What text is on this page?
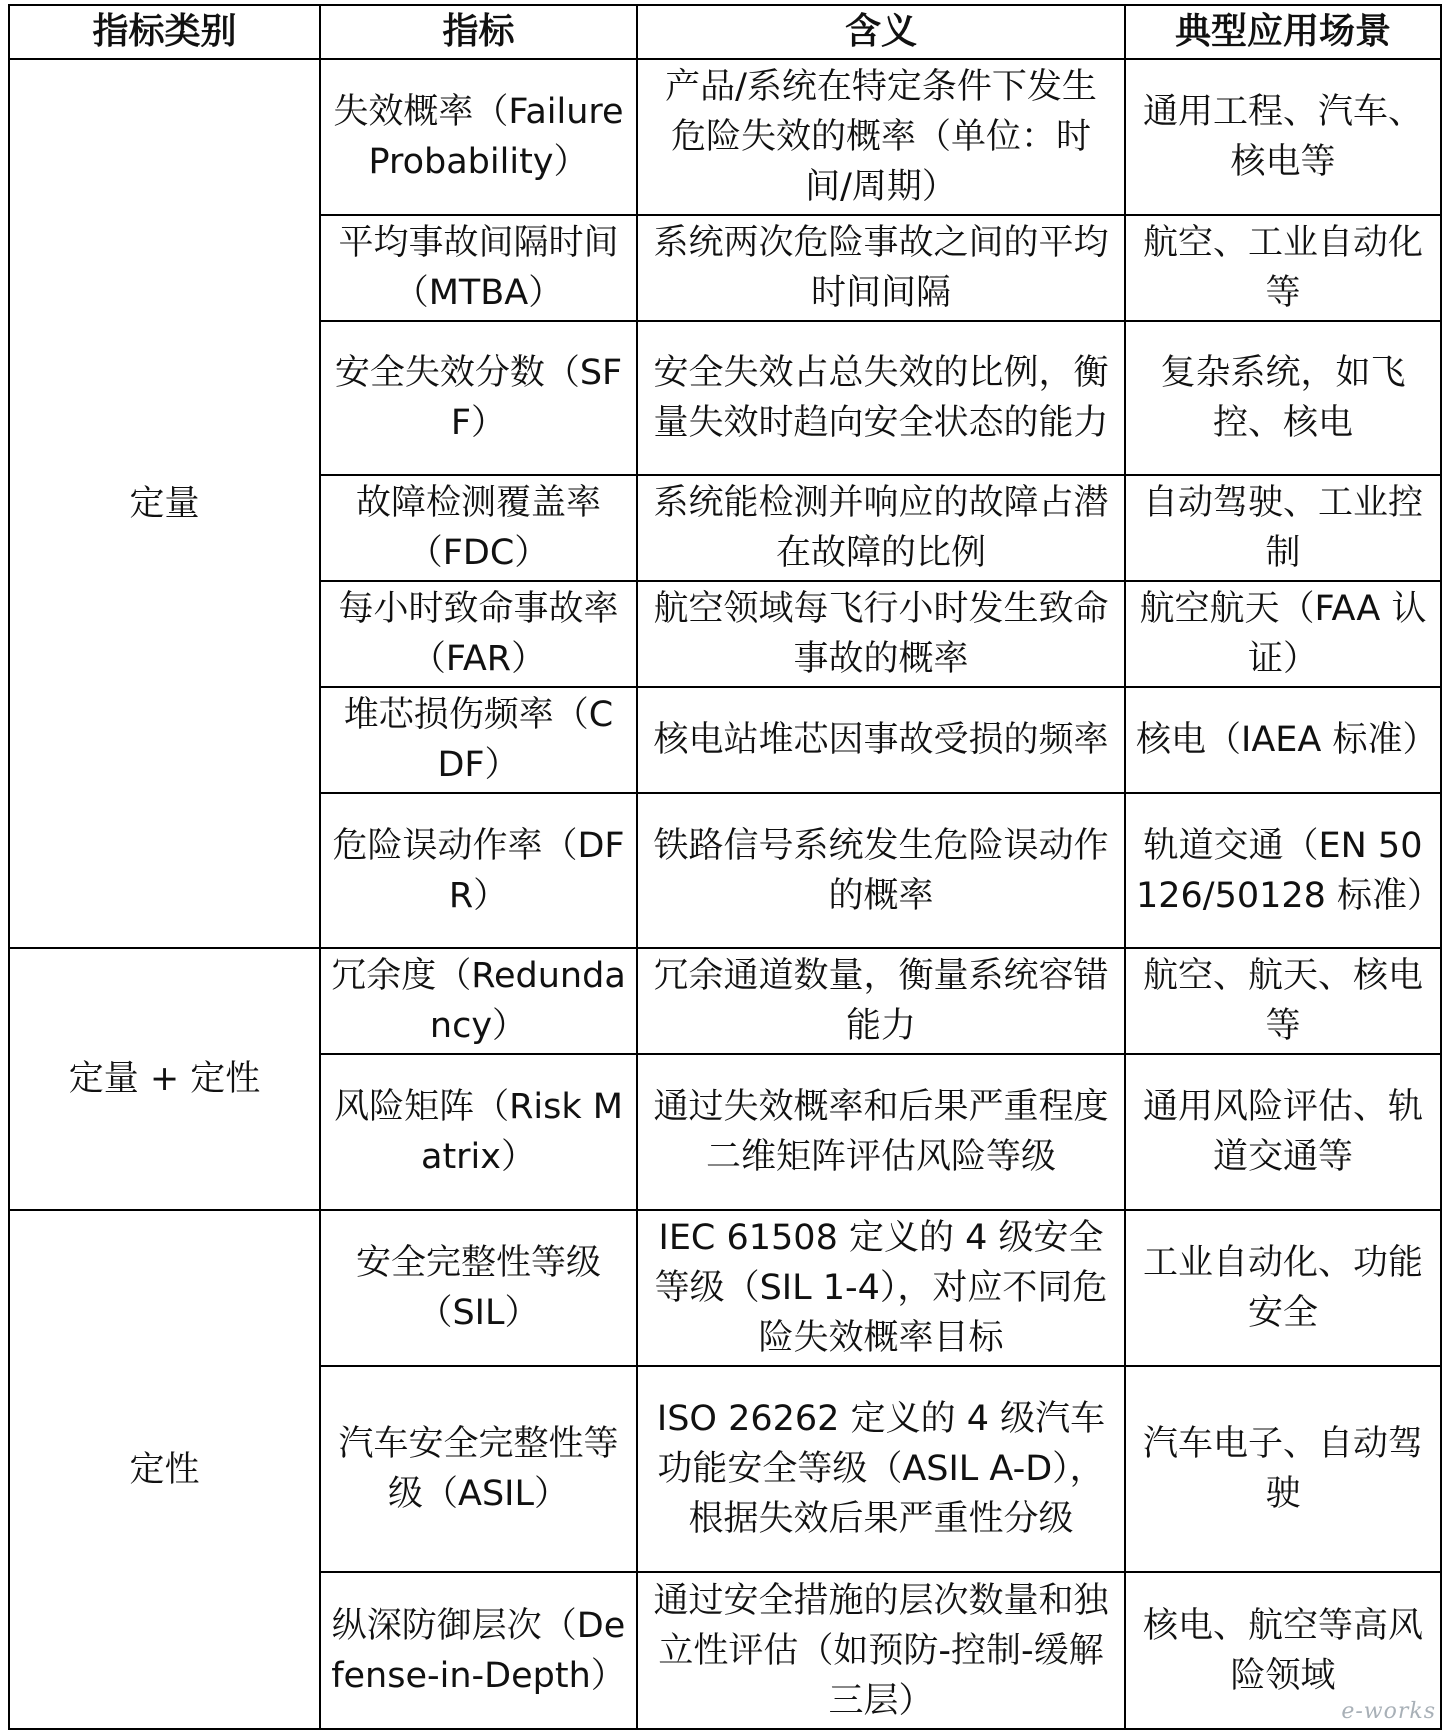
指标类别	指标	含义	典型应用场景
定量	失效概率（Failure Probability）	产品/系统在特定条件下发生危险失效的概率（单位：时间/周期）	通用工程、汽车、核电等
	平均事故间隔时间（MTBA）	系统两次危险事故之间的平均时间间隔	航空、工业自动化等
	安全失效分数（SFF）	安全失效占总失效的比例，衡量失效时趋向安全状态的能力	复杂系统，如飞控、核电
	故障检测覆盖率（FDC）	系统能检测并响应的故障占潜在故障的比例	自动驾驶、工业控制
	每小时致命事故率（FAR）	航空领域每飞行小时发生致命事故的概率	航空航天（FAA 认证）
	堆芯损伤频率（CDF）	核电站堆芯因事故受损的频率	核电（IAEA 标准）
	危险误动作率（DFR）	铁路信号系统发生危险误动作的概率	轨道交通（EN 50126/50128 标准）
定量 + 定性	冗余度（Redundancy）	冗余通道数量，衡量系统容错能力	航空、航天、核电等
	风险矩阵（Risk Matrix）	通过失效概率和后果严重程度二维矩阵评估风险等级	通用风险评估、轨道交通等
定性	安全完整性等级（SIL）	IEC 61508 定义的 4 级安全等级（SIL 1-4），对应不同危险失效概率目标	工业自动化、功能安全
	汽车安全完整性等级（ASIL）	ISO 26262 定义的 4 级汽车功能安全等级（ASIL A-D），根据失效后果严重性分级	汽车电子、自动驾驶
	纵深防御层次（Defense-in-Depth）	通过安全措施的层次数量和独立性评估（如预防-控制-缓解三层）	核电、航空等高风险领域
e-works
